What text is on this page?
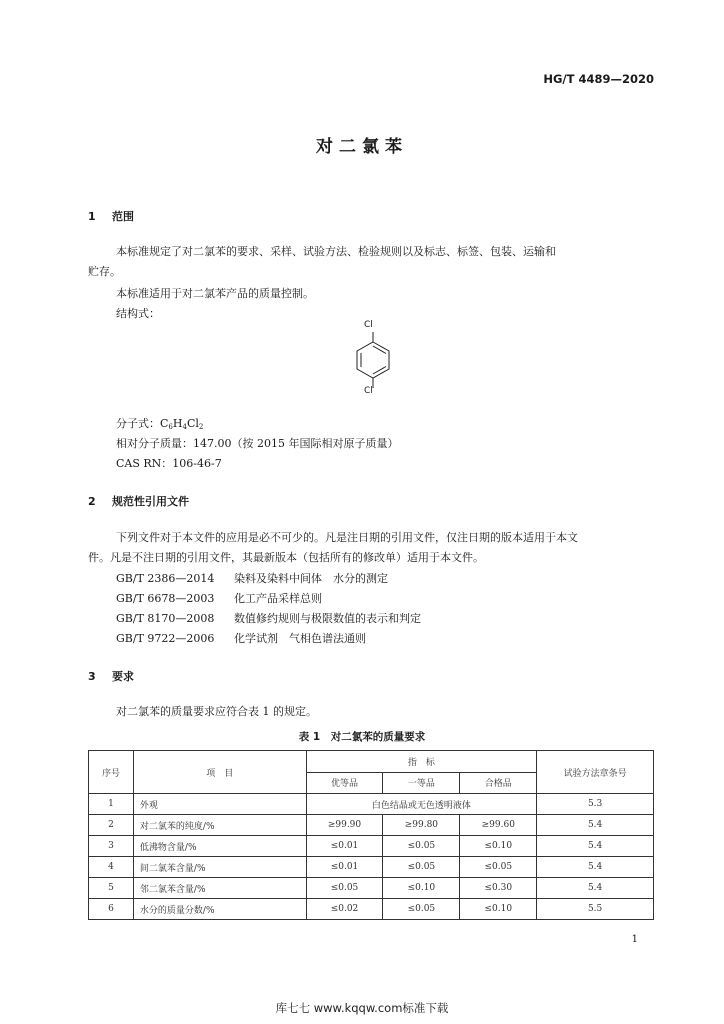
HG/T 4489—2020
对二氯苯
1 范围
本标准规定了对二氯苯的要求、采样、试验方法、检验规则以及标志、标签、包装、运输和
贮存。
本标准适用于对二氯苯产品的质量控制。
结构式：
Cl
Cl
分子式：$C_6H_4Cl_2$
相对分子质量：147.00（按 2015 年国际相对原子质量）
CAS RN：106-46-7
2 规范性引用文件
下列文件对于本文件的应用是必不可少的。凡是注日期的引用文件，仅注日期的版本适用于本文
件。凡是不注日期的引用文件，其最新版本（包括所有的修改单）适用于本文件。
GB/T 2386—2014 染料及染料中间体　水分的测定
GB/T 6678—2003 化工产品采样总则
GB/T 8170—2008 数值修约规则与极限数值的表示和判定
GB/T 9722—2006 化学试剂　气相色谱法通则
3 要求
对二氯苯的质量要求应符合表 1 的规定。
表 1　对二氯苯的质量要求
序号	项　目	指　标			试验方法章条号
		优等品	一等品	合格品	
1	外观	白色结晶或无色透明液体			5.3
2	对二氯苯的纯度/%	≥99.90	≥99.80	≥99.60	5.4
3	低沸物含量/%	≤0.01	≤0.05	≤0.10	5.4
4	间二氯苯含量/%	≤0.01	≤0.05	≤0.05	5.4
5	邻二氯苯含量/%	≤0.05	≤0.10	≤0.30	5.4
6	水分的质量分数/%	≤0.02	≤0.05	≤0.10	5.5
1
库七七 www.kqqw.com标准下载
